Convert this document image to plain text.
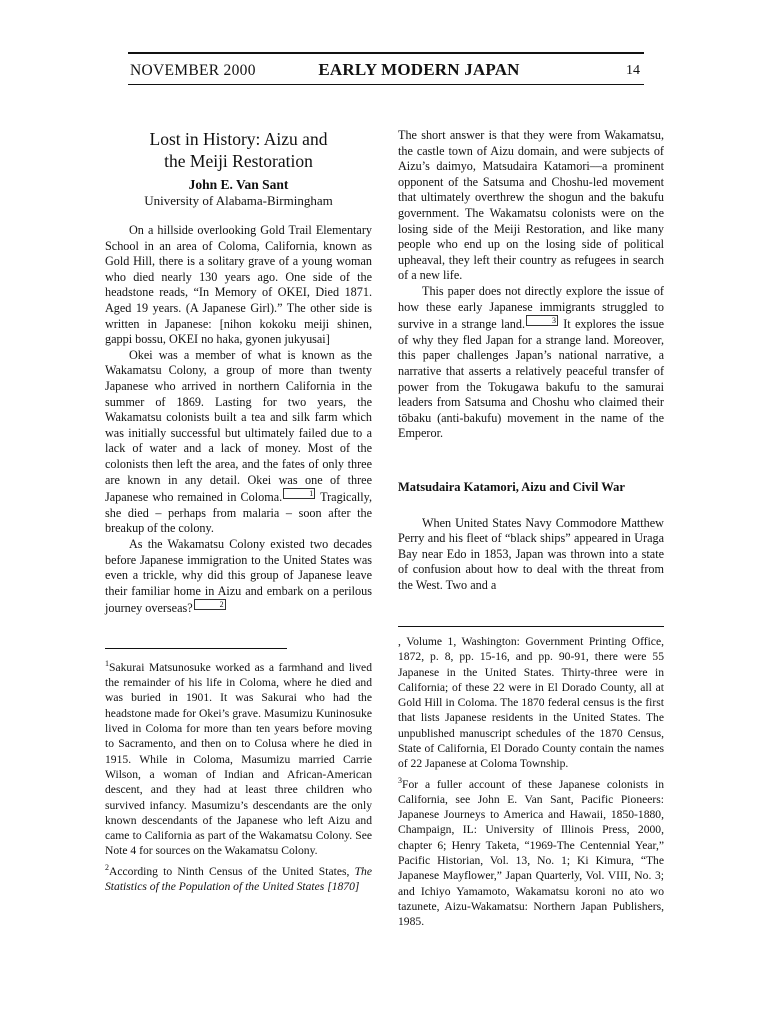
NOVEMBER 2000	EARLY MODERN JAPAN	14
Lost in History: Aizu and
the Meiji Restoration
John E. Van Sant
University of Alabama-Birmingham

On a hillside overlooking Gold Trail Elementary School in an area of Coloma, California, known as Gold Hill, there is a solitary grave of a young woman who died nearly 130 years ago. One side of the headstone reads, “In Memory of OKEI, Died 1871. Aged 19 years. (A Japanese Girl).” The other side is written in Japanese: [nihon kokoku meiji shinen, gappi bossu, OKEI no haka, gyonen jukyusai]

Okei was a member of what is known as the Wakamatsu Colony, a group of more than twenty Japanese who arrived in northern California in the summer of 1869. Lasting for two years, the Wakamatsu colonists built a tea and silk farm which was initially successful but ultimately failed due to a lack of water and a lack of money. Most of the colonists then left the area, and the fates of only three are known in any detail. Okei was one of three Japanese who remained in Coloma.	1 Tragically, she died – perhaps from malaria – soon after the breakup of the colony.

As the Wakamatsu Colony existed two decades before Japanese immigration to the United States was even a trickle, why did this group of Japanese leave their familiar home in Aizu and embark on a perilous journey overseas?	2

$^1$Sakurai Matsunosuke worked as a farmhand and lived the remainder of his life in Coloma, where he died and was buried in 1901. It was Sakurai who had the headstone made for Okei’s grave. Masumizu Kuninosuke lived in Coloma for more than ten years before moving to Sacramento, and then on to Colusa where he died in 1915. While in Coloma, Masumizu married Carrie Wilson, a woman of Indian and African-American descent, and they had at least three children who survived infancy. Masumizu’s descendants are the only known descendants of the Japanese who left Aizu and came to California as part of the Wakamatsu Colony. See Note 4 for sources on the Wakamatsu Colony.

$^2$According to Ninth Census of the United States, The Statistics of the Population of the United States [1870]

The short answer is that they were from Wakamatsu, the castle town of Aizu domain, and were subjects of Aizu’s daimyo, Matsudaira Katamori––a prominent opponent of the Satsuma and Choshu-led movement that ultimately overthrew the shogun and the bakufu government. The Wakamatsu colonists were on the losing side of the Meiji Restoration, and like many people who end up on the losing side of political upheaval, they left their country as refugees in search of a new life.

This paper does not directly explore the issue of how these early Japanese immigrants struggled to survive in a strange land.	3 It explores the issue of why they fled Japan for a strange land. Moreover, this paper challenges Japan’s national narrative, a narrative that asserts a relatively peaceful transfer of power from the Tokugawa bakufu to the samurai leaders from Satsuma and Choshu who claimed their tōbaku (anti-bakufu) movement in the name of the Emperor.

Matsudaira Katamori, Aizu and Civil War

When United States Navy Commodore Matthew Perry and his fleet of “black ships” appeared in Uraga Bay near Edo in 1853, Japan was thrown into a state of confusion about how to deal with the threat from the West. Two and a

, Volume 1, Washington: Government Printing Office, 1872, p. 8, pp. 15-16, and pp. 90-91, there were 55 Japanese in the United States. Thirty-three were in California; of these 22 were in El Dorado County, all at Gold Hill in Coloma. The 1870 federal census is the first that lists Japanese residents in the United States. The unpublished manuscript schedules of the 1870 Census, State of California, El Dorado County contain the names of 22 Japanese at Coloma Township.

$^3$For a fuller account of these Japanese colonists in California, see John E. Van Sant, Pacific Pioneers: Japanese Journeys to America and Hawaii, 1850-1880, Champaign, IL: University of Illinois Press, 2000, chapter 6; Henry Taketa, “1969-The Centennial Year,” Pacific Historian, Vol. 13, No. 1; Ki Kimura, “The Japanese Mayflower,” Japan Quarterly, Vol. VIII, No. 3; and Ichiyo Yamamoto, Wakamatsu koroni no ato wo tazunete, Aizu-Wakamatsu: Northern Japan Publishers, 1985.
